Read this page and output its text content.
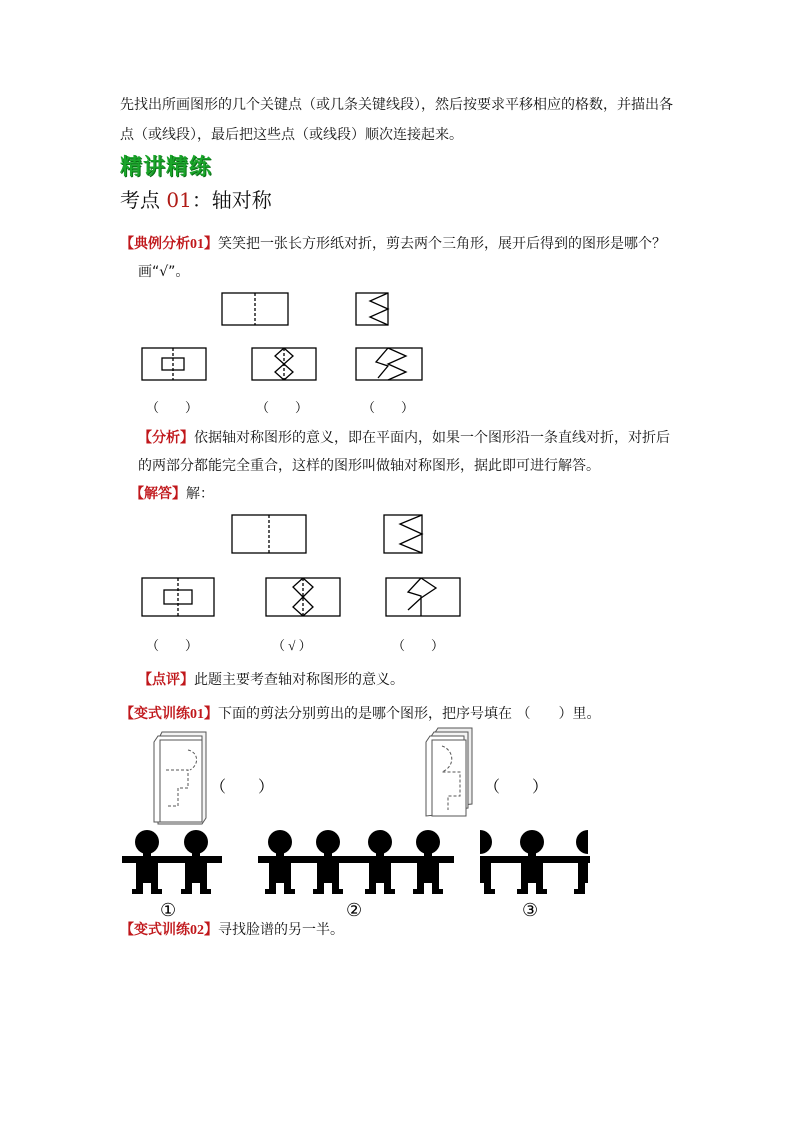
先找出所画图形的几个关键点（或几条关键线段），然后按要求平移相应的格数，并描出各
点（或线段），最后把这些点（或线段）顺次连接起来。
精讲精练
考点 01：轴对称
【典例分析01】笑笑把一张长方形纸对折，剪去两个三角形，展开后得到的图形是哪个？
画“√”。
（　　）	（　　）	（　　）
【分析】依据轴对称图形的意义，即在平面内，如果一个图形沿一条直线对折，对折后
的两部分都能完全重合，这样的图形叫做轴对称图形，据此即可进行解答。
【解答】解：
（　　）	（ √ ）	（　　）
【点评】此题主要考查轴对称图形的意义。
【变式训练01】下面的剪法分别剪出的是哪个图形，把序号填在 （　　）里。
（　　）	（　　）
①	②	③
【变式训练02】寻找脸谱的另一半。
